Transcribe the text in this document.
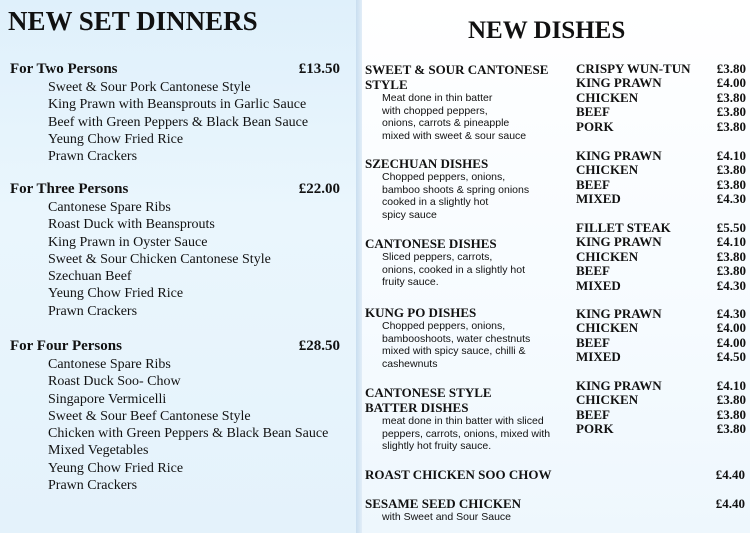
NEW SET DINNERS
For Two Persons	£13.50
Sweet & Sour Pork Cantonese Style
King Prawn with Beansprouts in Garlic Sauce
Beef with Green Peppers & Black Bean Sauce
Yeung Chow Fried Rice
Prawn Crackers
For Three Persons	£22.00
Cantonese Spare Ribs
Roast Duck with Beansprouts
King Prawn in Oyster Sauce
Sweet & Sour Chicken Cantonese Style
Szechuan Beef
Yeung Chow Fried Rice
Prawn Crackers
For Four Persons	£28.50
Cantonese Spare Ribs
Roast Duck Soo- Chow
Singapore Vermicelli
Sweet & Sour Beef Cantonese Style
Chicken with Green Peppers & Black Bean Sauce
Mixed Vegetables
Yeung Chow Fried Rice
Prawn Crackers
NEW DISHES
SWEET & SOUR CANTONESE STYLE
Meat done in thin batter
with chopped peppers,
onions, carrots & pineapple
mixed with sweet & sour sauce
CRISPY WUN-TUN £3.80
KING PRAWN	£4.00
CHICKEN	£3.80
BEEF	£3.80
PORK	£3.80
SZECHUAN DISHES
Chopped peppers, onions,
bamboo shoots & spring onions
cooked in a slightly hot
spicy sauce
KING PRAWN	£4.10
CHICKEN	£3.80
BEEF	£3.80
MIXED	£4.30
CANTONESE DISHES
Sliced peppers, carrots,
onions, cooked in a slightly hot
fruity sauce.
FILLET STEAK	£5.50
KING PRAWN	£4.10
CHICKEN	£3.80
BEEF	£3.80
MIXED	£4.30
KUNG PO DISHES
Chopped peppers, onions,
bambooshoots, water chestnuts
mixed with spicy sauce, chilli &
cashewnuts
KING PRAWN	£4.30
CHICKEN	£4.00
BEEF	£4.00
MIXED	£4.50
CANTONESE STYLE BATTER DISHES
meat done in thin batter with sliced
peppers, carrots, onions, mixed with
slightly hot fruity sauce.
KING PRAWN	£4.10
CHICKEN	£3.80
BEEF	£3.80
PORK	£3.80
ROAST CHICKEN SOO CHOW	£4.40
SESAME SEED CHICKEN	£4.40
with Sweet and Sour Sauce
